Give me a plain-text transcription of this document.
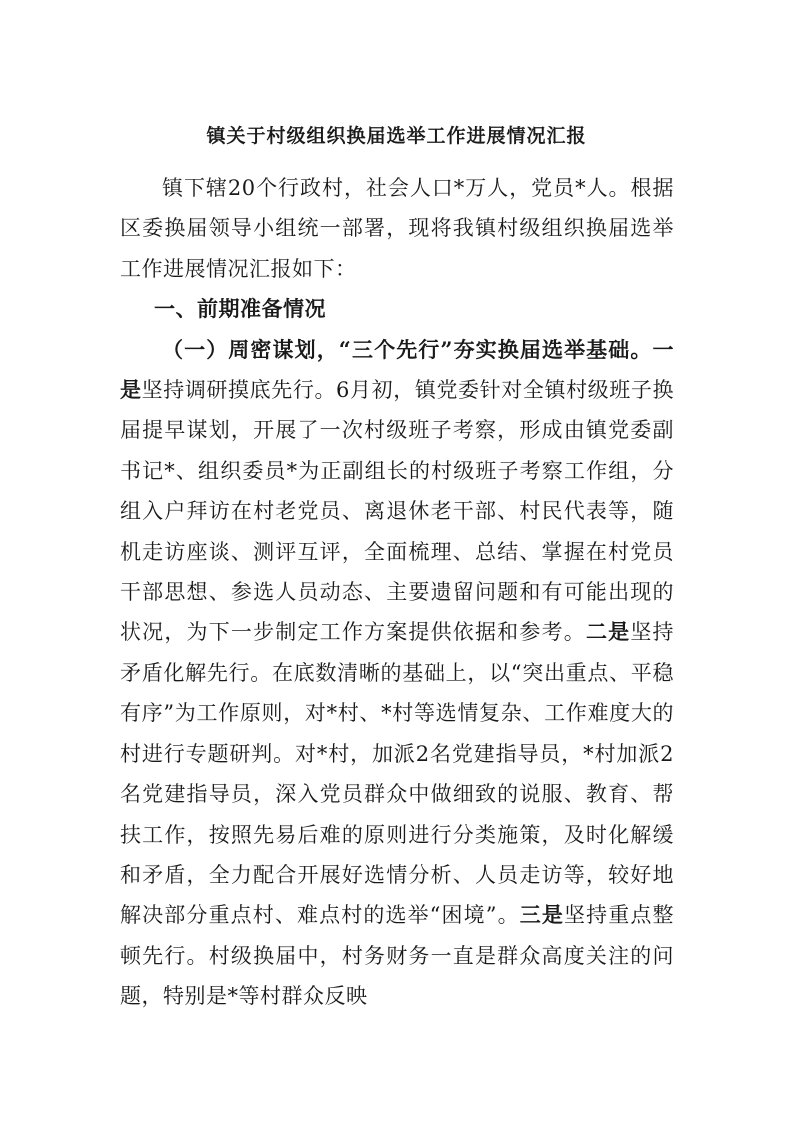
镇关于村级组织换届选举工作进展情况汇报

镇下辖20个行政村，社会人口*万人，党员*人。根据区委换届领导小组统一部署，现将我镇村级组织换届选举工作进展情况汇报如下：

一、前期准备情况

（一）周密谋划，“三个先行”夯实换届选举基础。一是坚持调研摸底先行。6月初，镇党委针对全镇村级班子换届提早谋划，开展了一次村级班子考察，形成由镇党委副书记*、组织委员*为正副组长的村级班子考察工作组，分组入户拜访在村老党员、离退休老干部、村民代表等，随机走访座谈、测评互评，全面梳理、总结、掌握在村党员干部思想、参选人员动态、主要遗留问题和有可能出现的状况，为下一步制定工作方案提供依据和参考。二是坚持矛盾化解先行。在底数清晰的基础上，以“突出重点、平稳有序”为工作原则，对*村、*村等选情复杂、工作难度大的村进行专题研判。对*村，加派2名党建指导员，*村加派2名党建指导员，深入党员群众中做细致的说服、教育、帮扶工作，按照先易后难的原则进行分类施策，及时化解缓和矛盾，全力配合开展好选情分析、人员走访等，较好地解决部分重点村、难点村的选举“困境”。三是坚持重点整顿先行。村级换届中，村务财务一直是群众高度关注的问题，特别是*等村群众反映
